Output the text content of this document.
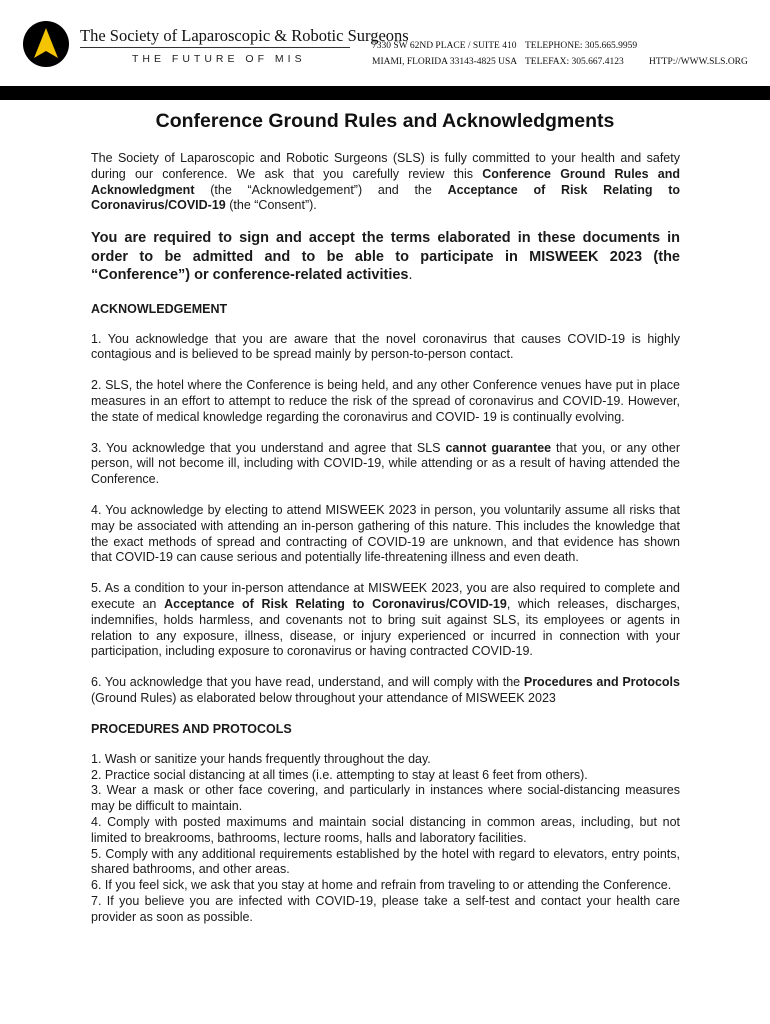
The Society of Laparoscopic & Robotic Surgeons
THE FUTURE OF MIS
7330 SW 62ND PLACE / SUITE 410
MIAMI, FLORIDA 33143-4825 USA
TELEPHONE: 305.665.9959
TELEFAX: 305.667.4123	HTTP://WWW.SLS.ORG
Conference Ground Rules and Acknowledgments

The Society of Laparoscopic and Robotic Surgeons (SLS) is fully committed to your health and safety during our conference. We ask that you carefully review this Conference Ground Rules and Acknowledgment (the “Acknowledgement”) and the Acceptance of Risk Relating to Coronavirus/COVID-19 (the “Consent”).

You are required to sign and accept the terms elaborated in these documents in order to be admitted and to be able to participate in MISWEEK 2023 (the “Conference”) or conference-related activities.

ACKNOWLEDGEMENT

1. You acknowledge that you are aware that the novel coronavirus that causes COVID-19 is highly contagious and is believed to be spread mainly by person-to-person contact.

2. SLS, the hotel where the Conference is being held, and any other Conference venues have put in place measures in an effort to attempt to reduce the risk of the spread of coronavirus and COVID-19. However, the state of medical knowledge regarding the coronavirus and COVID- 19 is continually evolving.

3. You acknowledge that you understand and agree that SLS cannot guarantee that you, or any other person, will not become ill, including with COVID-19, while attending or as a result of having attended the Conference.

4. You acknowledge by electing to attend MISWEEK 2023 in person, you voluntarily assume all risks that may be associated with attending an in-person gathering of this nature. This includes the knowledge that the exact methods of spread and contracting of COVID-19 are unknown, and that evidence has shown that COVID-19 can cause serious and potentially life-threatening illness and even death.

5. As a condition to your in-person attendance at MISWEEK 2023, you are also required to complete and execute an Acceptance of Risk Relating to Coronavirus/COVID-19, which releases, discharges, indemnifies, holds harmless, and covenants not to bring suit against SLS, its employees or agents in relation to any exposure, illness, disease, or injury experienced or incurred in connection with your participation, including exposure to coronavirus or having contracted COVID-19.

6. You acknowledge that you have read, understand, and will comply with the Procedures and Protocols (Ground Rules) as elaborated below throughout your attendance of MISWEEK 2023

PROCEDURES AND PROTOCOLS

1. Wash or sanitize your hands frequently throughout the day.

2. Practice social distancing at all times (i.e. attempting to stay at least 6 feet from others).

3. Wear a mask or other face covering, and particularly in instances where social-distancing measures may be difficult to maintain.

4. Comply with posted maximums and maintain social distancing in common areas, including, but not limited to breakrooms, bathrooms, lecture rooms, halls and laboratory facilities.

5. Comply with any additional requirements established by the hotel with regard to elevators, entry points, shared bathrooms, and other areas.

6. If you feel sick, we ask that you stay at home and refrain from traveling to or attending the Conference.

7. If you believe you are infected with COVID-19, please take a self-test and contact your health care provider as soon as possible.
